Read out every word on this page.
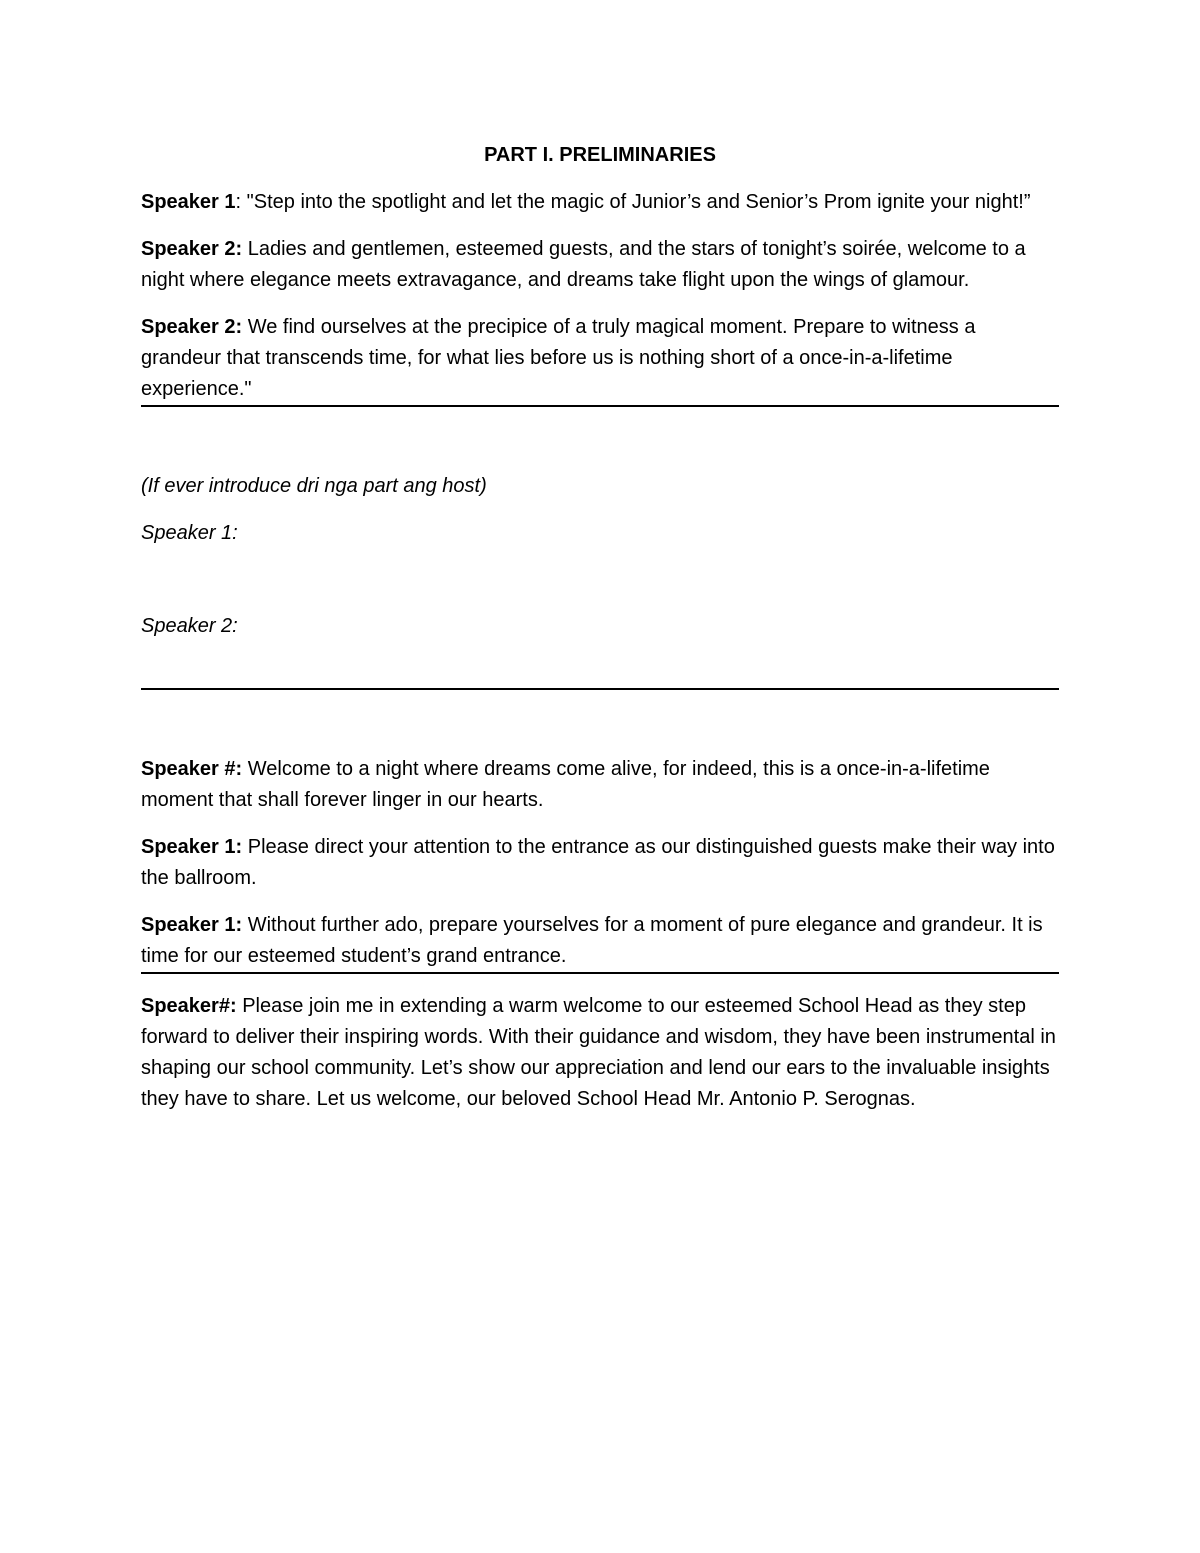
PART I. PRELIMINARIES

Speaker 1: "Step into the spotlight and let the magic of Junior’s and Senior’s Prom ignite your night!”

Speaker 2: Ladies and gentlemen, esteemed guests, and the stars of tonight’s soirée, welcome to a night where elegance meets extravagance, and dreams take flight upon the wings of glamour.

Speaker 2: We find ourselves at the precipice of a truly magical moment. Prepare to witness a grandeur that transcends time, for what lies before us is nothing short of a once-in-a-lifetime experience."

(If ever introduce dri nga part ang host)

Speaker 1:

Speaker 2:

Speaker #: Welcome to a night where dreams come alive, for indeed, this is a once-in-a-lifetime moment that shall forever linger in our hearts.

Speaker 1: Please direct your attention to the entrance as our distinguished guests make their way into the ballroom.

Speaker 1: Without further ado, prepare yourselves for a moment of pure elegance and grandeur. It is time for our esteemed student’s grand entrance.

Speaker#: Please join me in extending a warm welcome to our esteemed School Head as they step forward to deliver their inspiring words. With their guidance and wisdom, they have been instrumental in shaping our school community. Let’s show our appreciation and lend our ears to the invaluable insights they have to share. Let us welcome, our beloved School Head Mr. Antonio P. Serognas.
